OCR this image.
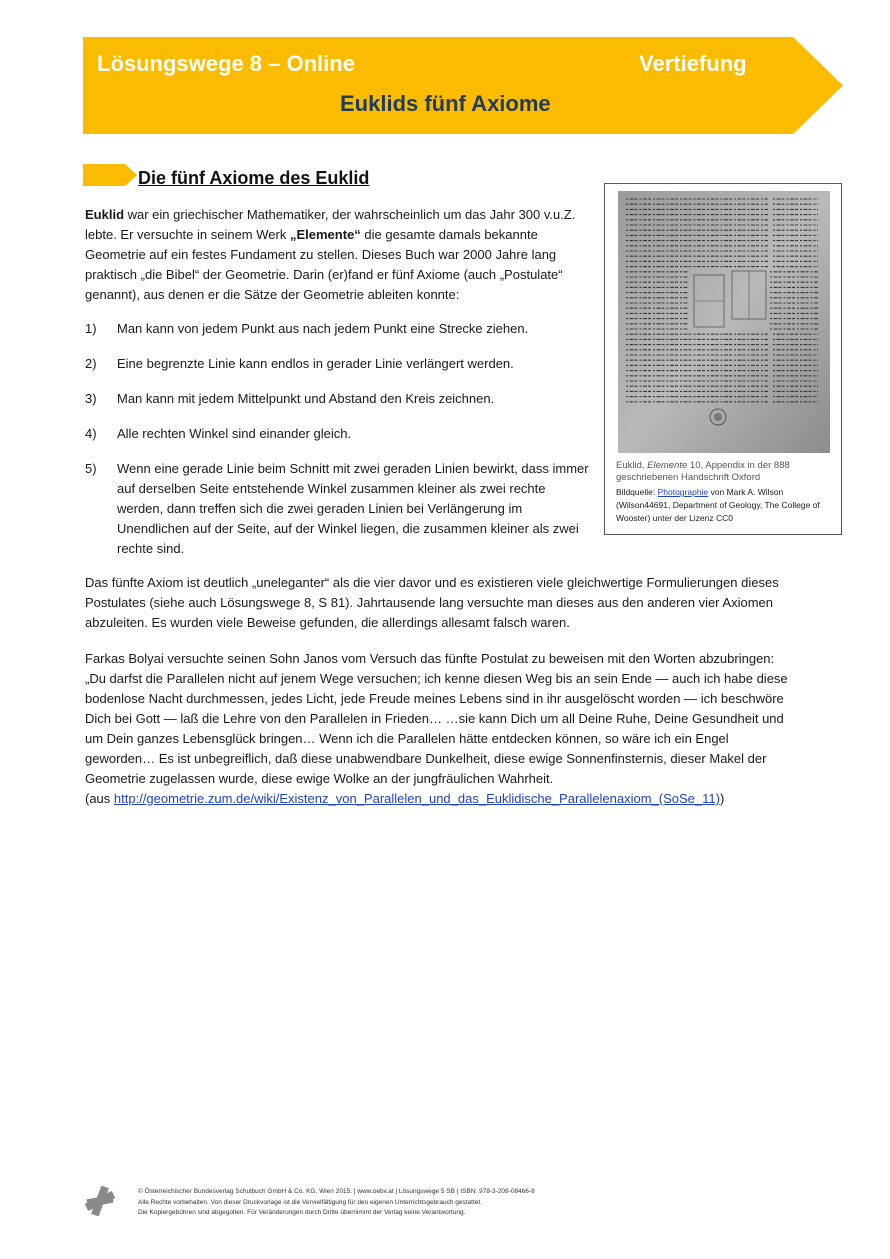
Lösungswege 8 – Online	Vertiefung
Euklids fünf Axiome
Die fünf Axiome des Euklid
Euklid war ein griechischer Mathematiker, der wahrscheinlich um das Jahr 300 v.u.Z. lebte. Er versuchte in seinem Werk „Elemente“ die gesamte damals bekannte Geometrie auf ein festes Fundament zu stellen. Dieses Buch war 2000 Jahre lang praktisch „die Bibel“ der Geometrie. Darin (er)fand er fünf Axiome (auch „Postulate“ genannt), aus denen er die Sätze der Geometrie ableiten konnte:
1) Man kann von jedem Punkt aus nach jedem Punkt eine Strecke ziehen.
2) Eine begrenzte Linie kann endlos in gerader Linie verlängert werden.
3) Man kann mit jedem Mittelpunkt und Abstand den Kreis zeichnen.
4) Alle rechten Winkel sind einander gleich.
5) Wenn eine gerade Linie beim Schnitt mit zwei geraden Linien bewirkt, dass immer auf derselben Seite entstehende Winkel zusammen kleiner als zwei rechte werden, dann treffen sich die zwei geraden Linien bei Verlängerung im Unendlichen auf der Seite, auf der Winkel liegen, die zusammen kleiner als zwei rechte sind.
Euklid, Elemente 10, Appendix in der 888 geschriebenen Handschrift Oxford
Bildquelle: Photographie von Mark A. Wilson (Wilson44691, Department of Geology, The College of Wooster) unter der Lizenz CC0
Das fünfte Axiom ist deutlich „uneleganter“ als die vier davor und es existieren viele gleichwertige Formulierungen dieses Postulates (siehe auch Lösungswege 8, S 81). Jahrtausende lang versuchte man dieses aus den anderen vier Axiomen abzuleiten. Es wurden viele Beweise gefunden, die allerdings allesamt falsch waren.
Farkas Bolyai versuchte seinen Sohn Janos vom Versuch das fünfte Postulat zu beweisen mit den Worten abzubringen:
„Du darfst die Parallelen nicht auf jenem Wege versuchen; ich kenne diesen Weg bis an sein Ende — auch ich habe diese bodenlose Nacht durchmessen, jedes Licht, jede Freude meines Lebens sind in ihr ausgelöscht worden — ich beschwöre Dich bei Gott — laß die Lehre von den Parallelen in Frieden… …sie kann Dich um all Deine Ruhe, Deine Gesundheit und um Dein ganzes Lebensglück bringen… Wenn ich die Parallelen hätte entdecken können, so wäre ich ein Engel geworden… Es ist unbegreiflich, daß diese unabwendbare Dunkelheit, diese ewige Sonnenfinsternis, dieser Makel der Geometrie zugelassen wurde, diese ewige Wolke an der jungfräulichen Wahrheit.
(aus http://geometrie.zum.de/wiki/Existenz_von_Parallelen_und_das_Euklidische_Parallelenaxiom_(SoSe_11))
© Österreichischer Bundesverlag Schulbuch GmbH & Co. KG, Wien 2015. | www.oebv.at | Lösungswege 5 SB | ISBN: 978-3-209-08466-8
Alle Rechte vorbehalten. Von dieser Druckvorlage ist die Vervielfältigung für den eigenen Unterrichtsgebrauch gestattet.
Die Kopiergebühren sind abgegolten. Für Veränderungen durch Dritte übernimmt der Verlag keine Verantwortung.
